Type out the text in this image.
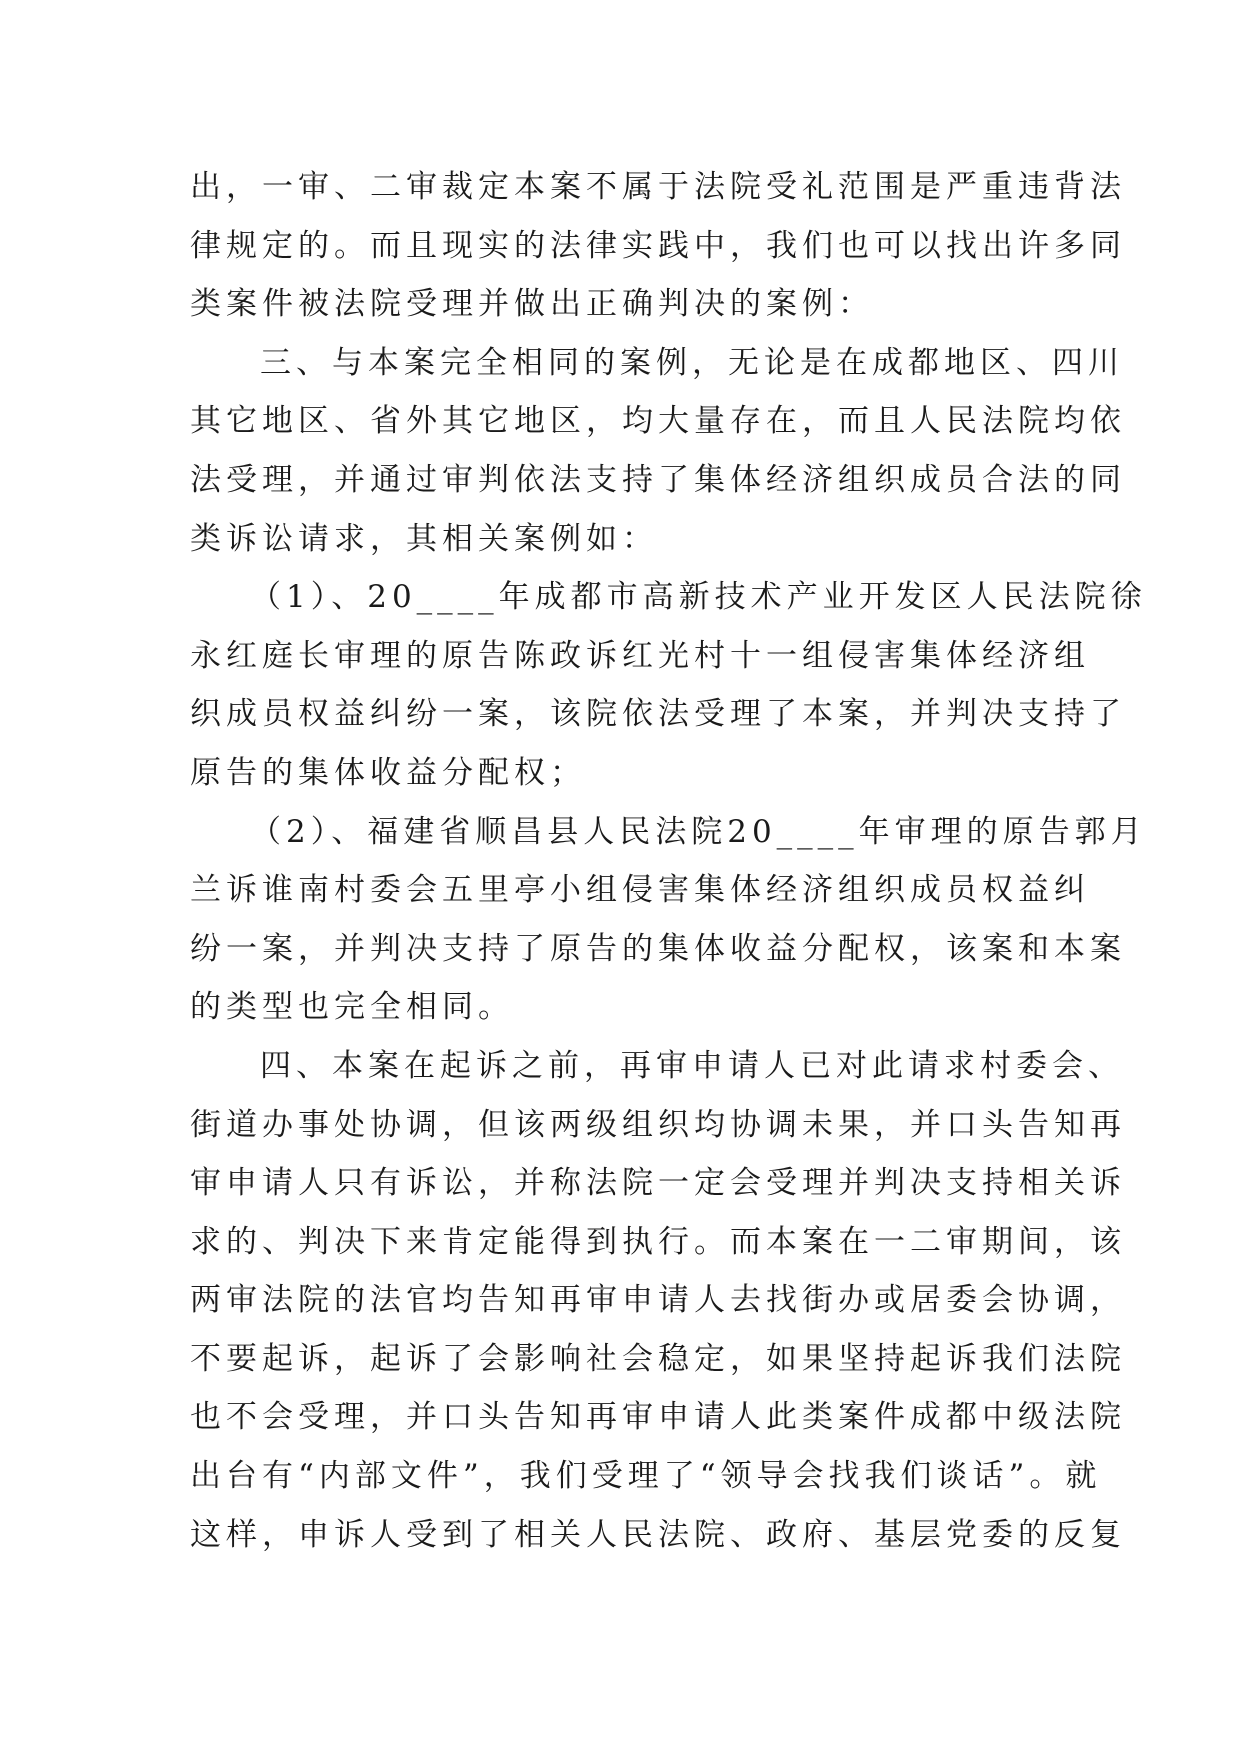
出，一审、二审裁定本案不属于法院受礼范围是严重违背法
律规定的。而且现实的法律实践中，我们也可以找出许多同
类案件被法院受理并做出正确判决的案例：
三、与本案完全相同的案例，无论是在成都地区、四川
其它地区、省外其它地区，均大量存在，而且人民法院均依
法受理，并通过审判依法支持了集体经济组织成员合法的同
类诉讼请求，其相关案例如：
（1）、20____年成都市高新技术产业开发区人民法院徐
永红庭长审理的原告陈政诉红光村十一组侵害集体经济组
织成员权益纠纷一案，该院依法受理了本案，并判决支持了
原告的集体收益分配权；
（2）、福建省顺昌县人民法院20____年审理的原告郭月
兰诉谁南村委会五里亭小组侵害集体经济组织成员权益纠
纷一案，并判决支持了原告的集体收益分配权，该案和本案
的类型也完全相同。
四、本案在起诉之前，再审申请人已对此请求村委会、
街道办事处协调，但该两级组织均协调未果，并口头告知再
审申请人只有诉讼，并称法院一定会受理并判决支持相关诉
求的、判决下来肯定能得到执行。而本案在一二审期间，该
两审法院的法官均告知再审申请人去找街办或居委会协调，
不要起诉，起诉了会影响社会稳定，如果坚持起诉我们法院
也不会受理，并口头告知再审申请人此类案件成都中级法院
出台有“内部文件”，我们受理了“领导会找我们谈话”。就
这样，申诉人受到了相关人民法院、政府、基层党委的反复
